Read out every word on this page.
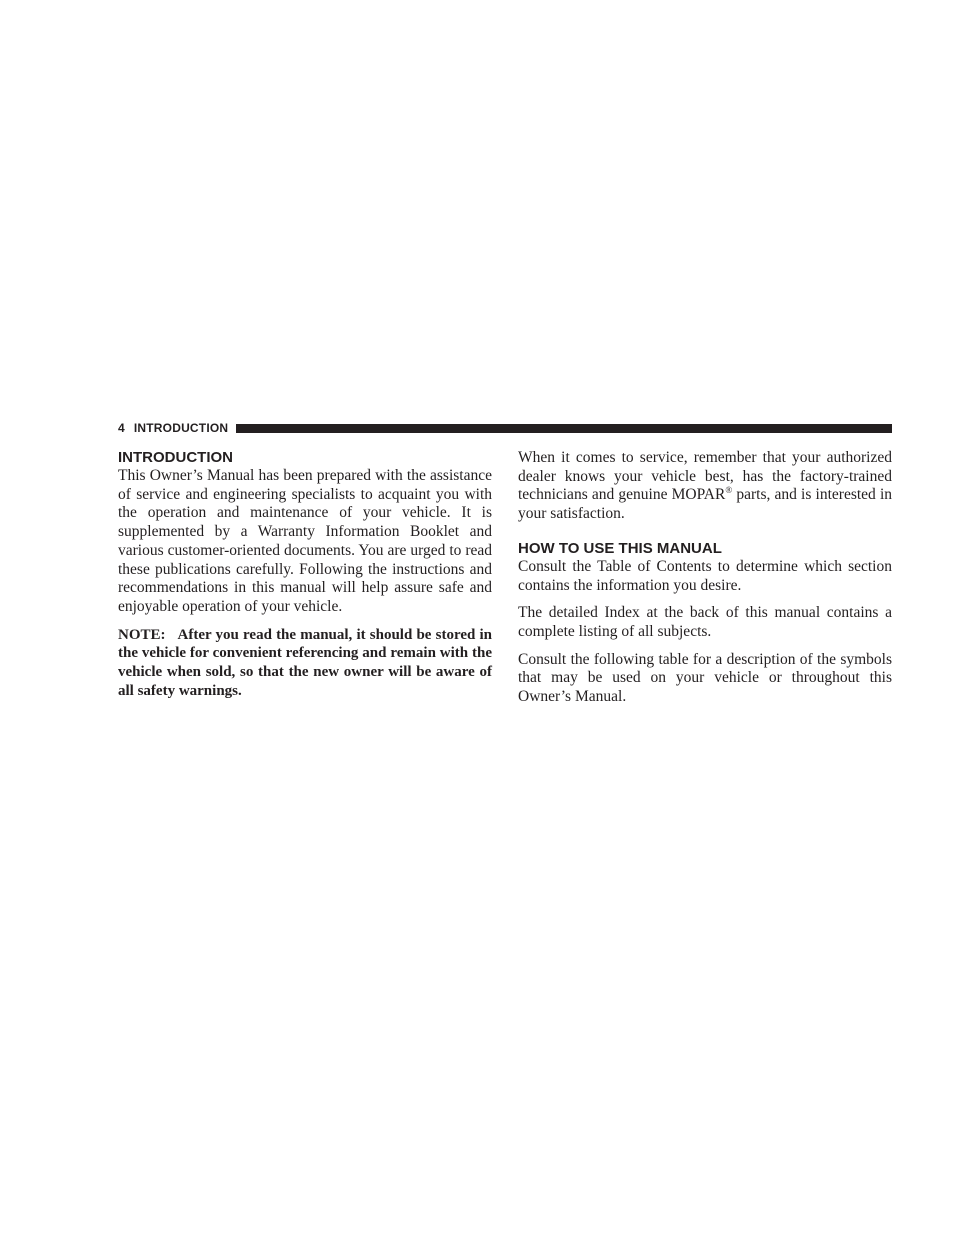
4 INTRODUCTION
INTRODUCTION

This Owner’s Manual has been prepared with the assistance of service and engineering specialists to acquaint you with the operation and maintenance of your vehicle. It is supplemented by a Warranty Information Booklet and various customer-oriented documents. You are urged to read these publications carefully. Following the instructions and recommendations in this manual will help assure safe and enjoyable operation of your vehicle.

NOTE: After you read the manual, it should be stored in the vehicle for convenient referencing and remain with the vehicle when sold, so that the new owner will be aware of all safety warnings.

When it comes to service, remember that your authorized dealer knows your vehicle best, has the factory-trained technicians and genuine MOPAR® parts, and is interested in your satisfaction.

HOW TO USE THIS MANUAL

Consult the Table of Contents to determine which section contains the information you desire.

The detailed Index at the back of this manual contains a complete listing of all subjects.

Consult the following table for a description of the symbols that may be used on your vehicle or throughout this Owner’s Manual.
